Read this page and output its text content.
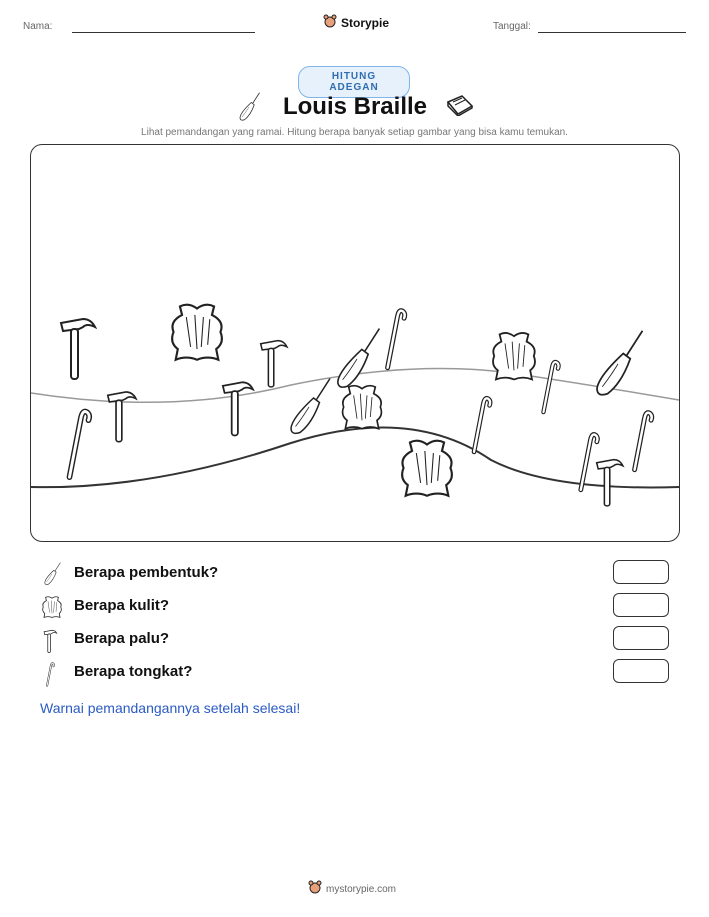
Nama:	Storypie	Tanggal:
HITUNG ADEGAN
Louis Braille
Lihat pemandangan yang ramai. Hitung berapa banyak setiap gambar yang bisa kamu temukan.
Berapa pembentuk?
Berapa kulit?
Berapa palu?
Berapa tongkat?
Warnai pemandangannya setelah selesai!
mystorypie.com
